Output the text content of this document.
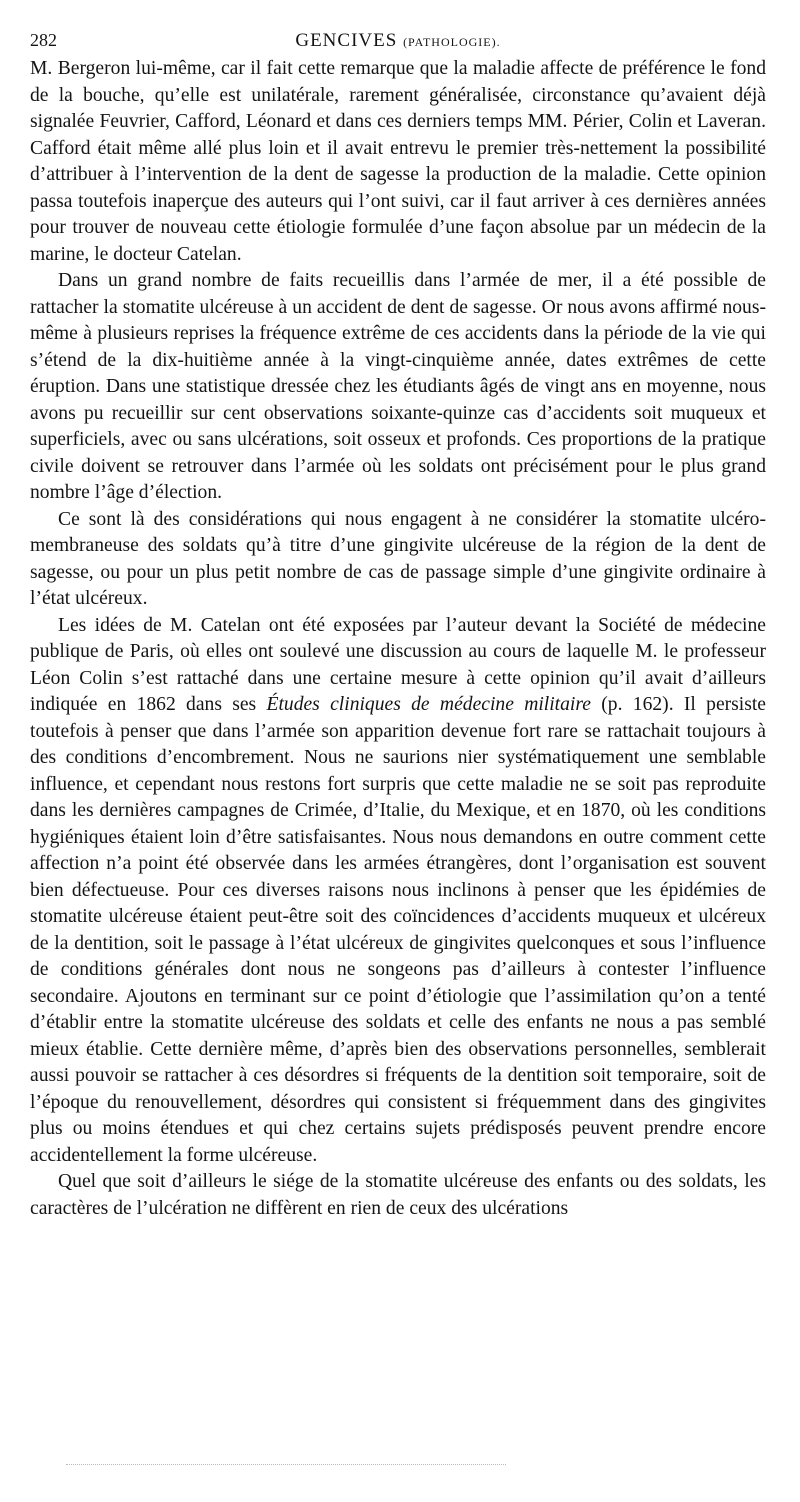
282	GENCIVES (PATHOLOGIE).

M. Bergeron lui-même, car il fait cette remarque que la maladie affecte de préférence le fond de la bouche, qu’elle est unilatérale, rarement généralisée, circonstance qu’avaient déjà signalée Feuvrier, Cafford, Léonard et dans ces derniers temps MM. Périer, Colin et Laveran. Cafford était même allé plus loin et il avait entrevu le premier très-nettement la possibilité d’attribuer à l’intervention de la dent de sagesse la production de la maladie. Cette opinion passa toutefois inaperçue des auteurs qui l’ont suivi, car il faut arriver à ces dernières années pour trouver de nouveau cette étiologie formulée d’une façon absolue par un médecin de la marine, le docteur Catelan.

Dans un grand nombre de faits recueillis dans l’armée de mer, il a été possible de rattacher la stomatite ulcéreuse à un accident de dent de sagesse. Or nous avons affirmé nous-même à plusieurs reprises la fréquence extrême de ces accidents dans la période de la vie qui s’étend de la dix-huitième année à la vingt-cinquième année, dates extrêmes de cette éruption. Dans une statistique dressée chez les étudiants âgés de vingt ans en moyenne, nous avons pu recueillir sur cent observations soixante-quinze cas d’accidents soit muqueux et superficiels, avec ou sans ulcérations, soit osseux et profonds. Ces proportions de la pratique civile doivent se retrouver dans l’armée où les soldats ont précisément pour le plus grand nombre l’âge d’élection.

Ce sont là des considérations qui nous engagent à ne considérer la stomatite ulcéro-membraneuse des soldats qu’à titre d’une gingivite ulcéreuse de la région de la dent de sagesse, ou pour un plus petit nombre de cas de passage simple d’une gingivite ordinaire à l’état ulcéreux.

Les idées de M. Catelan ont été exposées par l’auteur devant la Société de médecine publique de Paris, où elles ont soulevé une discussion au cours de laquelle M. le professeur Léon Colin s’est rattaché dans une certaine mesure à cette opinion qu’il avait d’ailleurs indiquée en 1862 dans ses Études cliniques de médecine militaire (p. 162). Il persiste toutefois à penser que dans l’armée son apparition devenue fort rare se rattachait toujours à des conditions d’encombrement. Nous ne saurions nier systématiquement une semblable influence, et cependant nous restons fort surpris que cette maladie ne se soit pas reproduite dans les dernières campagnes de Crimée, d’Italie, du Mexique, et en 1870, où les conditions hygiéniques étaient loin d’être satisfaisantes. Nous nous demandons en outre comment cette affection n’a point été observée dans les armées étrangères, dont l’organisation est souvent bien défectueuse. Pour ces diverses raisons nous inclinons à penser que les épidémies de stomatite ulcéreuse étaient peut-être soit des coïncidences d’accidents muqueux et ulcéreux de la dentition, soit le passage à l’état ulcéreux de gingivites quelconques et sous l’influence de conditions générales dont nous ne songeons pas d’ailleurs à contester l’influence secondaire. Ajoutons en terminant sur ce point d’étiologie que l’assimilation qu’on a tenté d’établir entre la stomatite ulcéreuse des soldats et celle des enfants ne nous a pas semblé mieux établie. Cette dernière même, d’après bien des observations personnelles, semblerait aussi pouvoir se rattacher à ces désordres si fréquents de la dentition soit temporaire, soit de l’époque du renouvellement, désordres qui consistent si fréquemment dans des gingivites plus ou moins étendues et qui chez certains sujets prédisposés peuvent prendre encore accidentellement la forme ulcéreuse.

Quel que soit d’ailleurs le siége de la stomatite ulcéreuse des enfants ou des soldats, les caractères de l’ulcération ne diffèrent en rien de ceux des ulcérations
